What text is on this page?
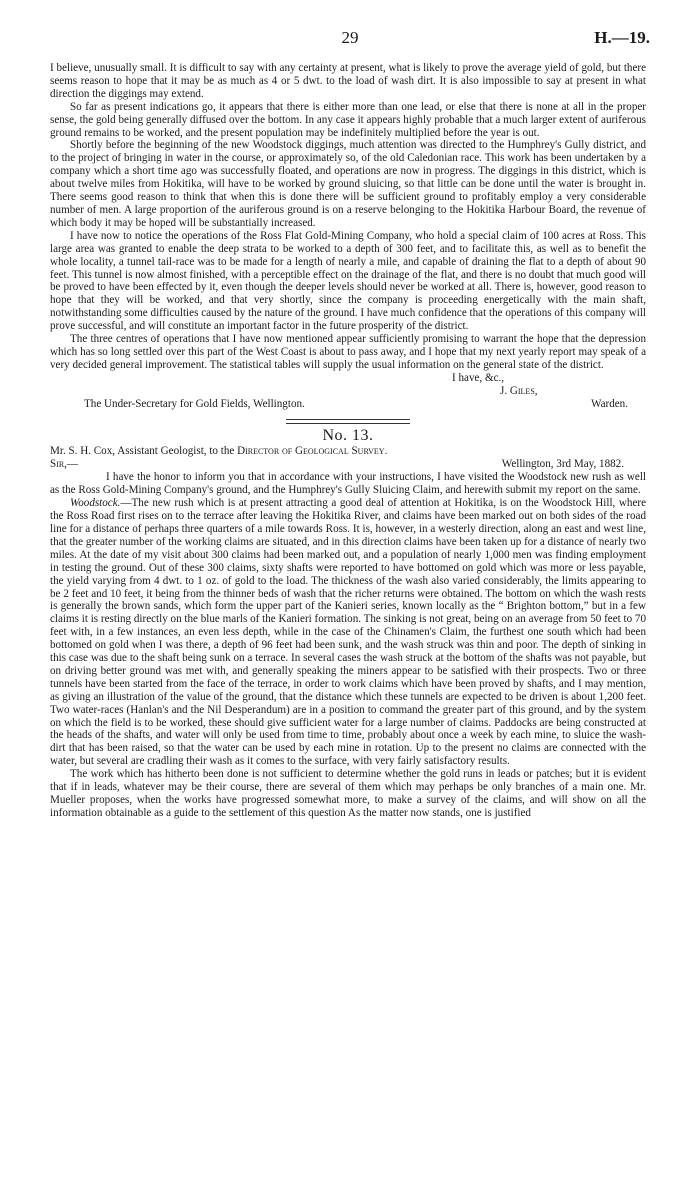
29	H.—19.

I believe, unusually small. It is difficult to say with any certainty at present, what is likely to prove the average yield of gold, but there seems reason to hope that it may be as much as 4 or 5 dwt. to the load of wash dirt. It is also impossible to say at present in what direction the diggings may extend.

So far as present indications go, it appears that there is either more than one lead, or else that there is none at all in the proper sense, the gold being generally diffused over the bottom. In any case it appears highly probable that a much larger extent of auriferous ground remains to be worked, and the present population may be indefinitely multiplied before the year is out.

Shortly before the beginning of the new Woodstock diggings, much attention was directed to the Humphrey's Gully district, and to the project of bringing in water in the course, or approximately so, of the old Caledonian race. This work has been undertaken by a company which a short time ago was successfully floated, and operations are now in progress. The diggings in this district, which is about twelve miles from Hokitika, will have to be worked by ground sluicing, so that little can be done until the water is brought in. There seems good reason to think that when this is done there will be sufficient ground to profitably employ a very considerable number of men. A large proportion of the auriferous ground is on a reserve belonging to the Hokitika Harbour Board, the revenue of which body it may be hoped will be substantially increased.

I have now to notice the operations of the Ross Flat Gold-Mining Company, who hold a special claim of 100 acres at Ross. This large area was granted to enable the deep strata to be worked to a depth of 300 feet, and to facilitate this, as well as to benefit the whole locality, a tunnel tail-race was to be made for a length of nearly a mile, and capable of draining the flat to a depth of about 90 feet. This tunnel is now almost finished, with a perceptible effect on the drainage of the flat, and there is no doubt that much good will be proved to have been effected by it, even though the deeper levels should never be worked at all. There is, however, good reason to hope that they will be worked, and that very shortly, since the company is proceeding energetically with the main shaft, notwithstanding some difficulties caused by the nature of the ground. I have much confidence that the operations of this company will prove successful, and will constitute an important factor in the future prosperity of the district.

The three centres of operations that I have now mentioned appear sufficiently promising to warrant the hope that the depression which has so long settled over this part of the West Coast is about to pass away, and I hope that my next yearly report may speak of a very decided general improvement. The statistical tables will supply the usual information on the general state of the district.

I have, &c.,
J. Giles,
The Under-Secretary for Gold Fields, Wellington.	Warden.
No. 13.

Mr. S. H. Cox, Assistant Geologist, to the Director of Geological Survey.

Sir,—	Wellington, 3rd May, 1882.

I have the honor to inform you that in accordance with your instructions, I have visited the Woodstock new rush as well as the Ross Gold-Mining Company's ground, and the Humphrey's Gully Sluicing Claim, and herewith submit my report on the same.

Woodstock.—The new rush which is at present attracting a good deal of attention at Hokitika, is on the Woodstock Hill, where the Ross Road first rises on to the terrace after leaving the Hokitika River, and claims have been marked out on both sides of the road line for a distance of perhaps three quarters of a mile towards Ross. It is, however, in a westerly direction, along an east and west line, that the greater number of the working claims are situated, and in this direction claims have been taken up for a distance of nearly two miles. At the date of my visit about 300 claims had been marked out, and a population of nearly 1,000 men was finding employment in testing the ground. Out of these 300 claims, sixty shafts were reported to have bottomed on gold which was more or less payable, the yield varying from 4 dwt. to 1 oz. of gold to the load. The thickness of the wash also varied considerably, the limits appearing to be 2 feet and 10 feet, it being from the thinner beds of wash that the richer returns were obtained. The bottom on which the wash rests is generally the brown sands, which form the upper part of the Kanieri series, known locally as the “ Brighton bottom,” but in a few claims it is resting directly on the blue marls of the Kanieri formation. The sinking is not great, being on an average from 50 feet to 70 feet with, in a few instances, an even less depth, while in the case of the Chinamen's Claim, the furthest one south which had been bottomed on gold when I was there, a depth of 96 feet had been sunk, and the wash struck was thin and poor. The depth of sinking in this case was due to the shaft being sunk on a terrace. In several cases the wash struck at the bottom of the shafts was not payable, but on driving better ground was met with, and generally speaking the miners appear to be satisfied with their prospects. Two or three tunnels have been started from the face of the terrace, in order to work claims which have been proved by shafts, and I may mention, as giving an illustration of the value of the ground, that the distance which these tunnels are expected to be driven is about 1,200 feet. Two water-races (Hanlan's and the Nil Desperandum) are in a position to command the greater part of this ground, and by the system on which the field is to be worked, these should give sufficient water for a large number of claims. Paddocks are being constructed at the heads of the shafts, and water will only be used from time to time, probably about once a week by each mine, to sluice the wash-dirt that has been raised, so that the water can be used by each mine in rotation. Up to the present no claims are connected with the water, but several are cradling their wash as it comes to the surface, with very fairly satisfactory results.

The work which has hitherto been done is not sufficient to determine whether the gold runs in leads or patches; but it is evident that if in leads, whatever may be their course, there are several of them which may perhaps be only branches of a main one. Mr. Mueller proposes, when the works have progressed somewhat more, to make a survey of the claims, and will show on all the information obtainable as a guide to the settlement of this question As the matter now stands, one is justified
